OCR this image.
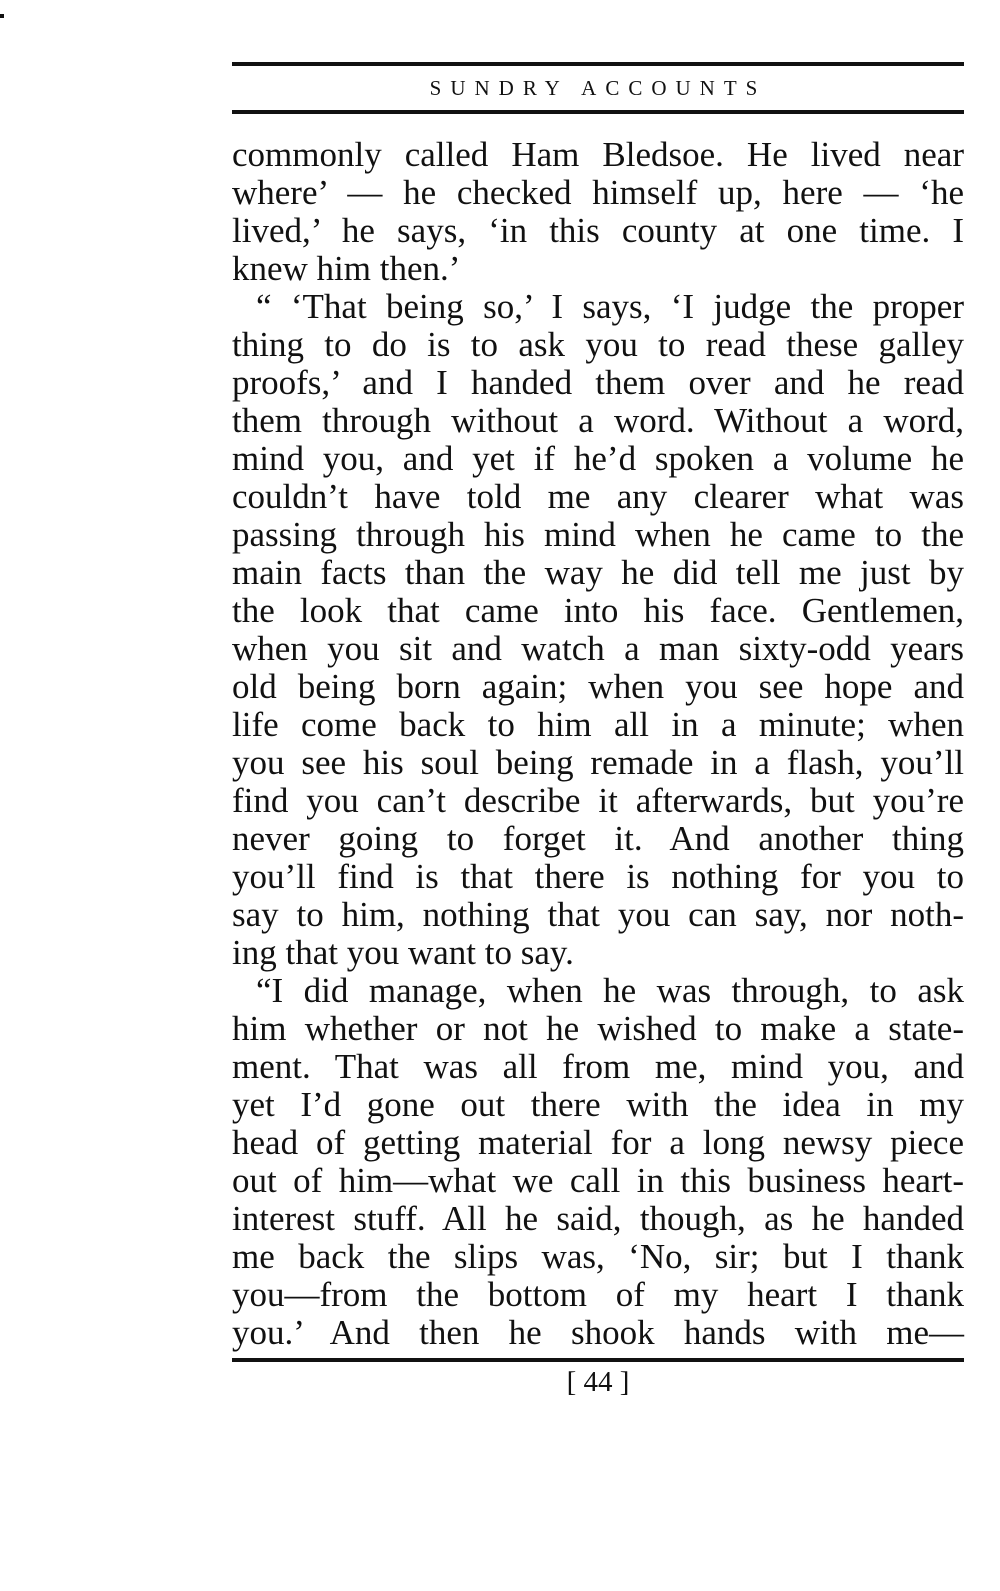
SUNDRY ACCOUNTS
commonly called Ham Bledsoe. He lived near
where’ — he checked himself up, here — ‘he
lived,’ he says, ‘in this county at one time. I
knew him then.’
“ ‘That being so,’ I says, ‘I judge the proper
thing to do is to ask you to read these galley
proofs,’ and I handed them over and he read
them through without a word. Without a word,
mind you, and yet if he’d spoken a volume he
couldn’t have told me any clearer what was
passing through his mind when he came to the
main facts than the way he did tell me just by
the look that came into his face. Gentlemen,
when you sit and watch a man sixty-odd years
old being born again; when you see hope and
life come back to him all in a minute; when
you see his soul being remade in a flash, you’ll
find you can’t describe it afterwards, but you’re
never going to forget it. And another thing
you’ll find is that there is nothing for you to
say to him, nothing that you can say, nor noth-
ing that you want to say.
“I did manage, when he was through, to ask
him whether or not he wished to make a state-
ment. That was all from me, mind you, and
yet I’d gone out there with the idea in my
head of getting material for a long newsy piece
out of him—what we call in this business heart-
interest stuff. All he said, though, as he handed
me back the slips was, ‘No, sir; but I thank
you—from the bottom of my heart I thank
you.’ And then he shook hands with me—
[ 44 ]
